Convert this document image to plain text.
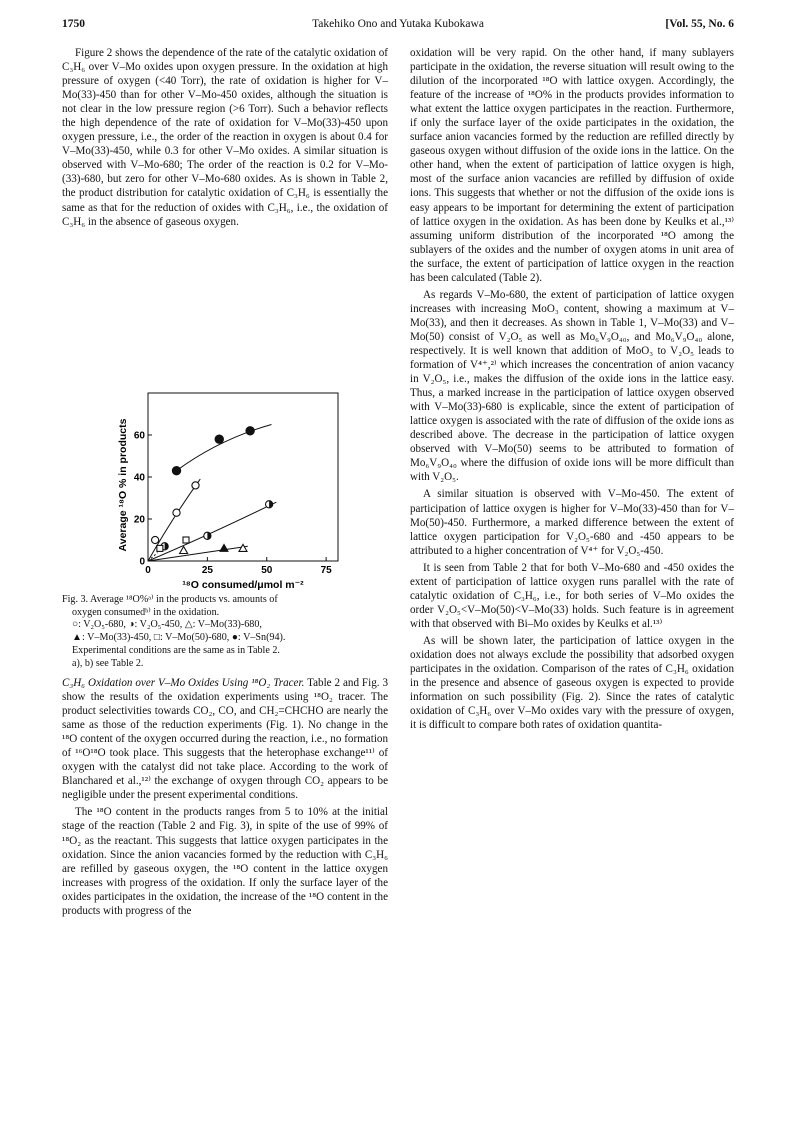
1750	Takehiko Ono and Yutaka Kubokawa	[Vol. 55, No. 6

Figure 2 shows the dependence of the rate of the catalytic oxidation of C₃H₆ over V–Mo oxides upon oxygen pressure. In the oxidation at high pressure of oxygen (<40 Torr), the rate of oxidation is higher for V–Mo(33)-450 than for other V–Mo-450 oxides, although the situation is not clear in the low pressure region (>6 Torr). Such a behavior reflects the high dependence of the rate of oxidation for V–Mo(33)-450 upon oxygen pressure, i.e., the order of the reaction in oxygen is about 0.4 for V–Mo(33)-450, while 0.3 for other V–Mo oxides. A similar situation is observed with V–Mo-680; The order of the reaction is 0.2 for V–Mo-(33)-680, but zero for other V–Mo-680 oxides. As is shown in Table 2, the product distribution for catalytic oxidation of C₃H₆ is essentially the same as that for the reduction of oxides with C₃H₆, i.e., the oxidation of C₃H₆ in the absence of gaseous oxygen.

0	25	50	75
0
20
40
60
¹⁸O consumed/μmol m⁻²
Average ¹⁸O % in products
Fig. 3. Average ¹⁸O%ᵃ⁾ in the products vs. amounts of
oxygen consumedᵇ⁾ in the oxidation.
○: V₂O₅-680, ◑: V₂O₅-450, △: V–Mo(33)-680,
▲: V–Mo(33)-450, □: V–Mo(50)-680, ●: V–Sn(94).
Experimental conditions are the same as in Table 2.
a), b) see Table 2.

C₃H₆ Oxidation over V–Mo Oxides Using ¹⁸O₂ Tracer. Table 2 and Fig. 3 show the results of the oxidation experiments using ¹⁸O₂ tracer. The product selectivities towards CO₂, CO, and CH₂=CHCHO are nearly the same as those of the reduction experiments (Fig. 1). No change in the ¹⁸O content of the oxygen occurred during the reaction, i.e., no formation of ¹⁶O¹⁸O took place. This suggests that the heterophase exchange¹¹⁾ of oxygen with the catalyst did not take place. According to the work of Blanchared et al.,¹²⁾ the exchange of oxygen through CO₂ appears to be negligible under the present experimental conditions.

The ¹⁸O content in the products ranges from 5 to 10% at the initial stage of the reaction (Table 2 and Fig. 3), in spite of the use of 99% of ¹⁸O₂ as the reactant. This suggests that lattice oxygen participates in the oxidation. Since the anion vacancies formed by the reduction with C₃H₆ are refilled by gaseous oxygen, the ¹⁸O content in the lattice oxygen increases with progress of the oxidation. If only the surface layer of the oxides participates in the oxidation, the increase of the ¹⁸O content in the products with progress of the

oxidation will be very rapid. On the other hand, if many sublayers participate in the oxidation, the reverse situation will result owing to the dilution of the incorporated ¹⁸O with lattice oxygen. Accordingly, the feature of the increase of ¹⁸O% in the products provides information to what extent the lattice oxygen participates in the reaction. Furthermore, if only the surface layer of the oxide participates in the oxidation, the surface anion vacancies formed by the reduction are refilled directly by gaseous oxygen without diffusion of the oxide ions in the lattice. On the other hand, when the extent of participation of lattice oxygen is high, most of the surface anion vacancies are refilled by diffusion of oxide ions. This suggests that whether or not the diffusion of the oxide ions is easy appears to be important for determining the extent of participation of lattice oxygen in the oxidation. As has been done by Keulks et al.,¹³⁾ assuming uniform distribution of the incorporated ¹⁸O among the sublayers of the oxides and the number of oxygen atoms in unit area of the surface, the extent of participation of lattice oxygen in the reaction has been calculated (Table 2).

As regards V–Mo-680, the extent of participation of lattice oxygen increases with increasing MoO₃ content, showing a maximum at V–Mo(33), and then it decreases. As shown in Table 1, V–Mo(33) and V–Mo(50) consist of V₂O₅ as well as Mo₆V₉O₄₀, and Mo₆V₉O₄₀ alone, respectively. It is well known that addition of MoO₃ to V₂O₅ leads to formation of V⁴⁺,²⁾ which increases the concentration of anion vacancy in V₂O₅, i.e., makes the diffusion of the oxide ions in the lattice easy. Thus, a marked increase in the participation of lattice oxygen observed with V–Mo(33)-680 is explicable, since the extent of participation of lattice oxygen is associated with the rate of diffusion of the oxide ions as described above. The decrease in the participation of lattice oxygen observed with V–Mo(50) seems to be attributed to formation of Mo₆V₉O₄₀ where the diffusion of oxide ions will be more difficult than with V₂O₅.

A similar situation is observed with V–Mo-450. The extent of participation of lattice oxygen is higher for V–Mo(33)-450 than for V–Mo(50)-450. Furthermore, a marked difference between the extent of lattice oxygen participation for V₂O₅-680 and -450 appears to be attributed to a higher concentration of V⁴⁺ for V₂O₅-450.

It is seen from Table 2 that for both V–Mo-680 and -450 oxides the extent of participation of lattice oxygen runs parallel with the rate of catalytic oxidation of C₃H₆, i.e., for both series of V–Mo oxides the order V₂O₅<V–Mo(50)<V–Mo(33) holds. Such feature is in agreement with that observed with Bi–Mo oxides by Keulks et al.¹³⁾

As will be shown later, the participation of lattice oxygen in the oxidation does not always exclude the possibility that adsorbed oxygen participates in the oxidation. Comparison of the rates of C₃H₆ oxidation in the presence and absence of gaseous oxygen is expected to provide information on such possibility (Fig. 2). Since the rates of catalytic oxidation of C₃H₆ over V–Mo oxides vary with the pressure of oxygen, it is difficult to compare both rates of oxidation quantita-
